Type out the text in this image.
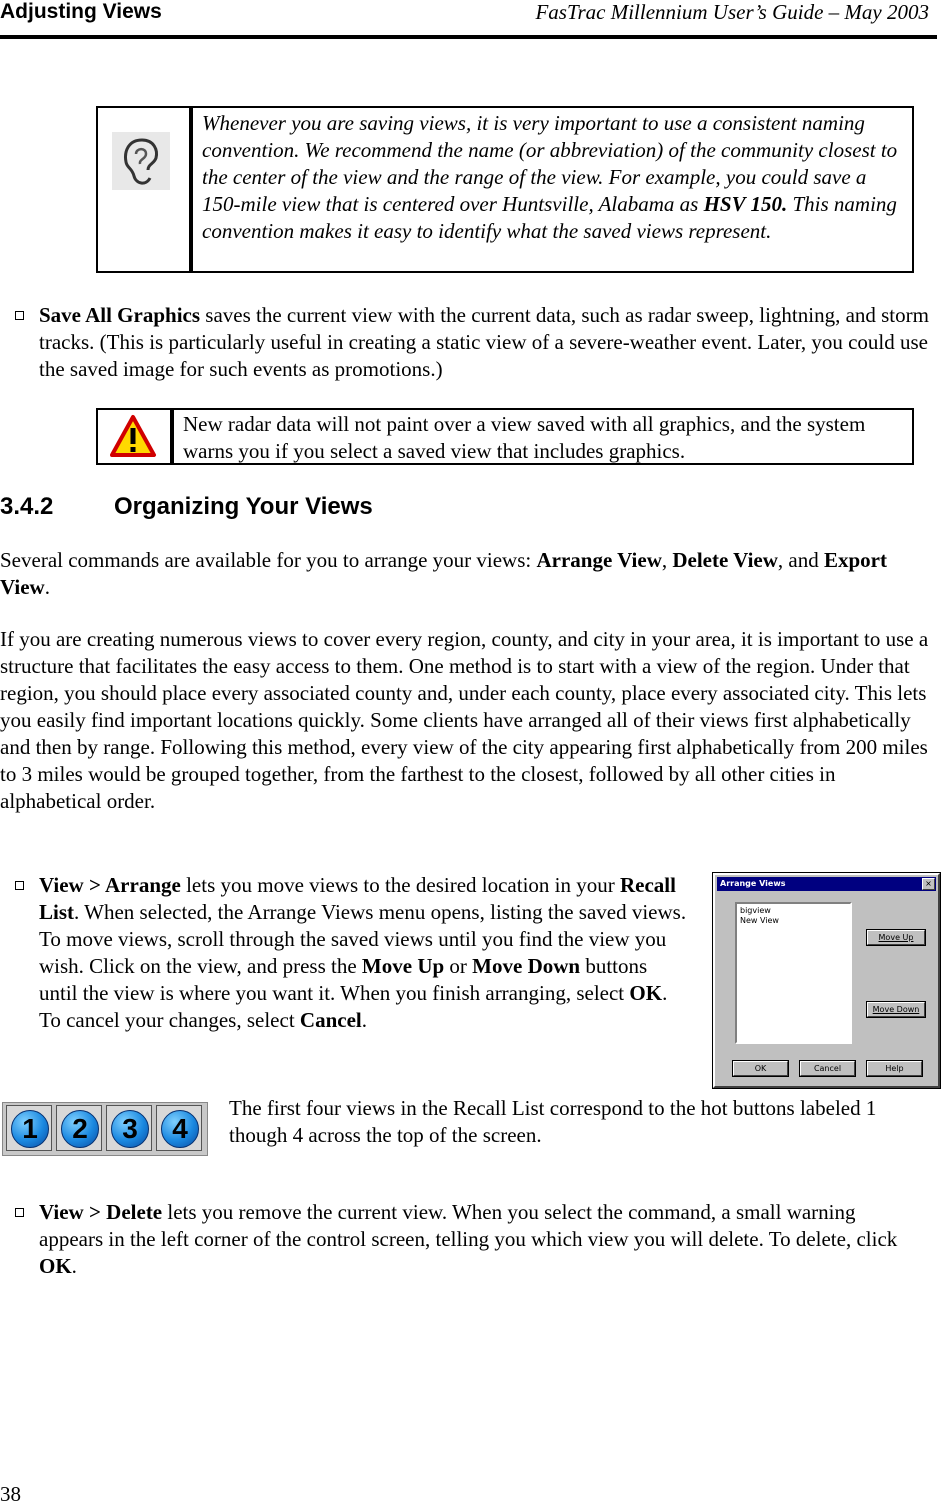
Adjusting Views	FasTrac Millennium User’s Guide – May 2003
Whenever you are saving views, it is very important to use a consistent naming convention. We recommend the name (or abbreviation) of the community closest to the center of the view and the range of the view. For example, you could save a 150-mile view that is centered over Huntsville, Alabama as HSV 150. This naming convention makes it easy to identify what the saved views represent.
Save All Graphics saves the current view with the current data, such as radar sweep, lightning, and storm tracks. (This is particularly useful in creating a static view of a severe-weather event. Later, you could use the saved image for such events as promotions.)
New radar data will not paint over a view saved with all graphics, and the system warns you if you select a saved view that includes graphics.
3.4.2	Organizing Your Views
Several commands are available for you to arrange your views: Arrange View, Delete View, and Export View.
If you are creating numerous views to cover every region, county, and city in your area, it is important to use a structure that facilitates the easy access to them. One method is to start with a view of the region. Under that region, you should place every associated county and, under each county, place every associated city. This lets you easily find important locations quickly. Some clients have arranged all of their views first alphabetically and then by range. Following this method, every view of the city appearing first alphabetically from 200 miles to 3 miles would be grouped together, from the farthest to the closest, followed by all other cities in alphabetical order.
View > Arrange lets you move views to the desired location in your Recall List. When selected, the Arrange Views menu opens, listing the saved views. To move views, scroll through the saved views until you find the view you wish. Click on the view, and press the Move Up or Move Down buttons until the view is where you want it. When you finish arranging, select OK. To cancel your changes, select Cancel.
Arrange Views	×
bigview
New View
Move Up
Move Down
OK	Cancel	Help
1	2	3	4
The first four views in the Recall List correspond to the hot buttons labeled 1 though 4 across the top of the screen.
View > Delete lets you remove the current view. When you select the command, a small warning appears in the left corner of the control screen, telling you which view you will delete. To delete, click OK.
38
